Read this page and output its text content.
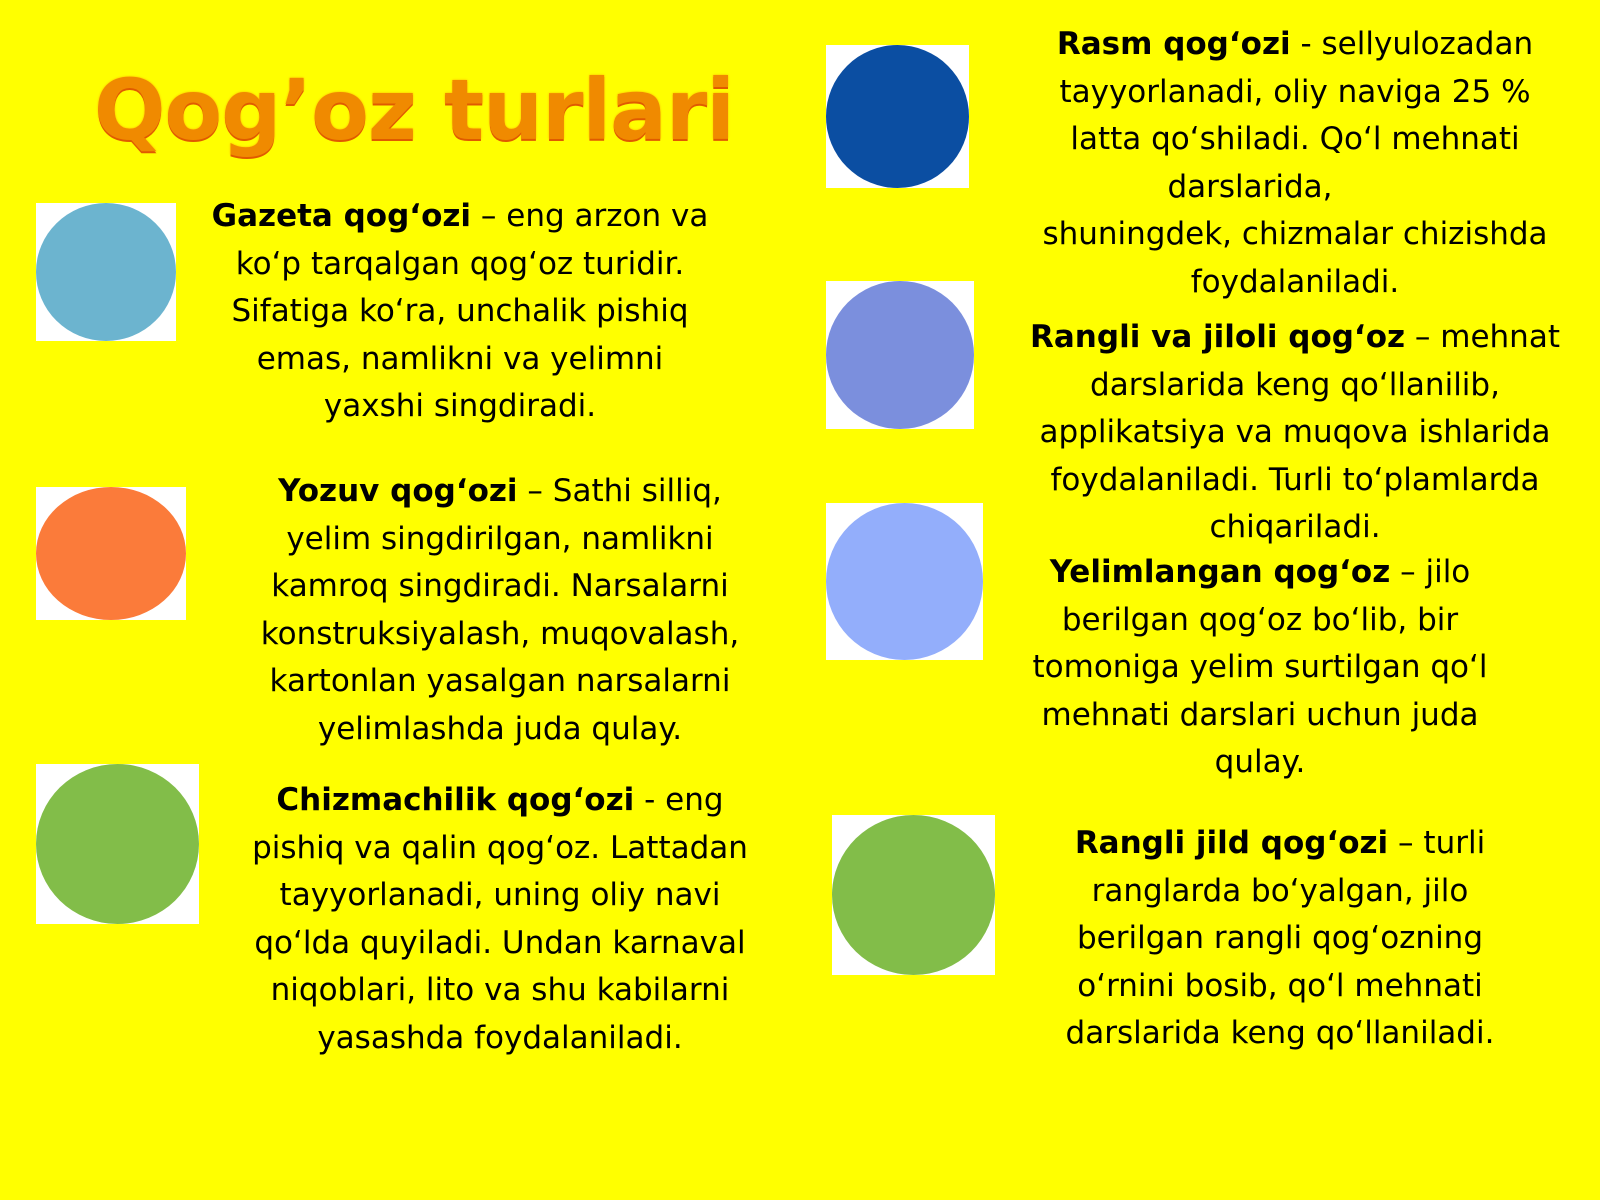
Qog’oz turlari

Gazeta qogʻozi – eng arzon va

koʻp tarqalgan qogʻoz turidir.

Sifatiga koʻra, unchalik pishiq

emas, namlikni va yelimni

yaxshi singdiradi.

Yozuv qogʻozi – Sathi silliq,

yelim singdirilgan, namlikni

kamroq singdiradi. Narsalarni

konstruksiyalash, muqovalash,

kartonlan yasalgan narsalarni

yelimlashda juda qulay.

Chizmachilik qogʻozi - eng

pishiq va qalin qogʻoz. Lattadan

tayyorlanadi, uning oliy navi

qoʻlda quyiladi. Undan karnaval

niqoblari, lito va shu kabilarni

yasashda foydalaniladi.

Rasm qogʻozi - sellyulozadan

tayyorlanadi, oliy naviga 25 %

latta qoʻshiladi. Qoʻl mehnati

darslarida,

shuningdek, chizmalar chizishda

foydalaniladi.

Rangli va jiloli qogʻoz – mehnat

darslarida keng qoʻllanilib,

applikatsiya va muqova ishlarida

foydalaniladi. Turli toʻplamlarda

chiqariladi.

Yelimlangan qogʻoz – jilo

berilgan qogʻoz boʻlib, bir

tomoniga yelim surtilgan qoʻl

mehnati darslari uchun juda

qulay.

Rangli jild qogʻozi – turli

ranglarda boʻyalgan, jilo

berilgan rangli qogʻozning

oʻrnini bosib, qoʻl mehnati

darslarida keng qoʻllaniladi.
